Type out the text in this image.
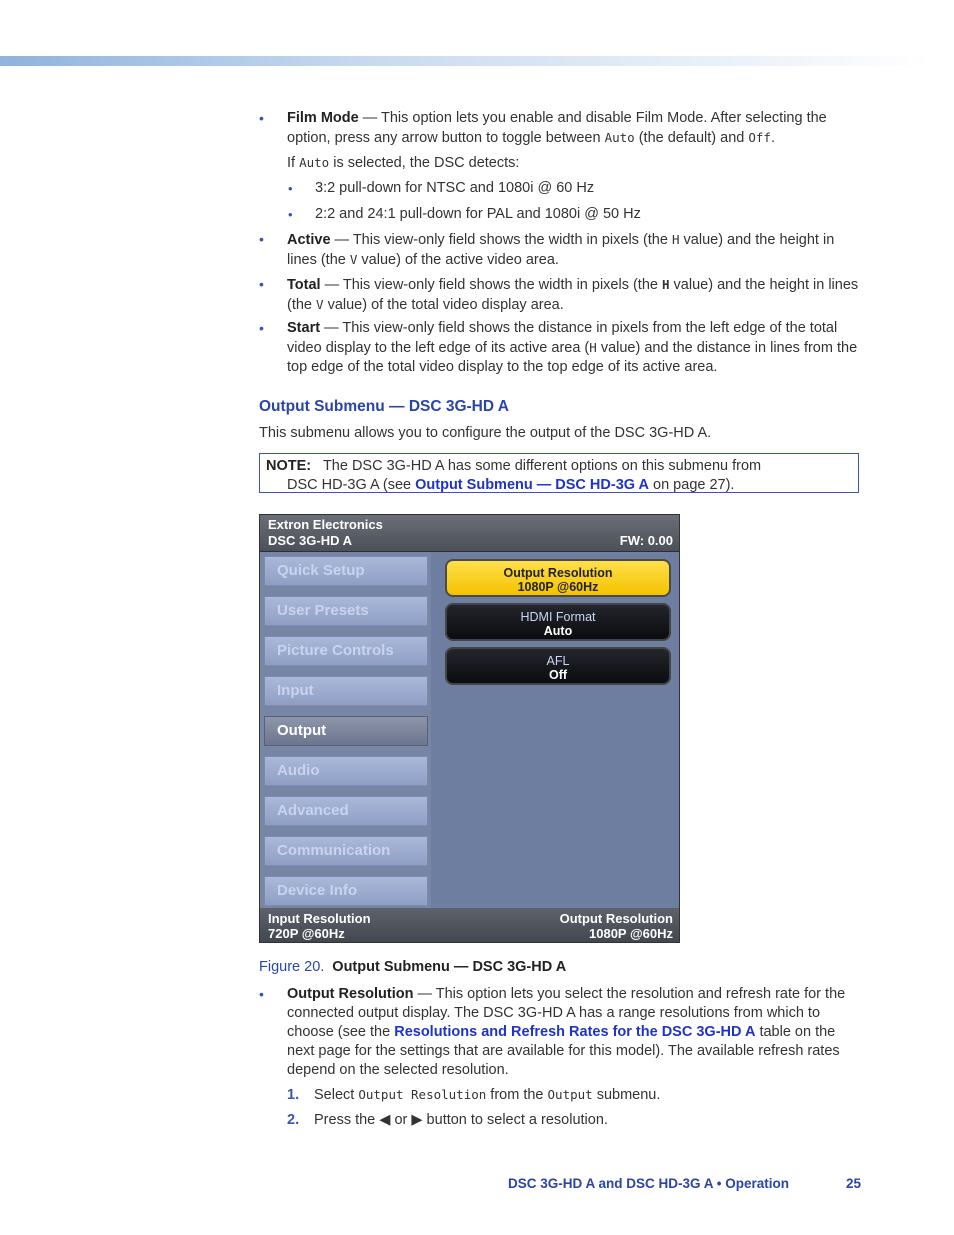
• Film Mode — This option lets you enable and disable Film Mode. After selecting the option, press any arrow button to toggle between Auto (the default) and Off.
If Auto is selected, the DSC detects:
• 3:2 pull-down for NTSC and 1080i @ 60 Hz
• 2:2 and 24:1 pull-down for PAL and 1080i @ 50 Hz
• Active — This view-only field shows the width in pixels (the H value) and the height in lines (the V value) of the active video area.
• Total — This view-only field shows the width in pixels (the H value) and the height in lines (the V value) of the total video display area.
• Start — This view-only field shows the distance in pixels from the left edge of the total video display to the left edge of its active area (H value) and the distance in lines from the top edge of the total video display to the top edge of its active area.
Output Submenu — DSC 3G-HD A
This submenu allows you to configure the output of the DSC 3G-HD A.
NOTE: The DSC 3G-HD A has some different options on this submenu from
DSC HD-3G A (see Output Submenu — DSC HD-3G A on page 27).
Extron Electronics
DSC 3G-HD A	FW: 0.00
Quick Setup
User Presets
Picture Controls
Input
Output
Audio
Advanced
Communication
Device Info
Output Resolution
1080P @60Hz
HDMI Format
Auto
AFL
Off
Input Resolution
720P @60Hz
Output Resolution
1080P @60Hz
Figure 20. Output Submenu — DSC 3G-HD A
• Output Resolution — This option lets you select the resolution and refresh rate for the connected output display. The DSC 3G-HD A has a range resolutions from which to choose (see the Resolutions and Refresh Rates for the DSC 3G-HD A table on the next page for the settings that are available for this model). The available refresh rates depend on the selected resolution.
1. Select Output Resolution from the Output submenu.
2. Press the ◀ or ▶ button to select a resolution.
DSC 3G-HD A and DSC HD-3G A • Operation	25
